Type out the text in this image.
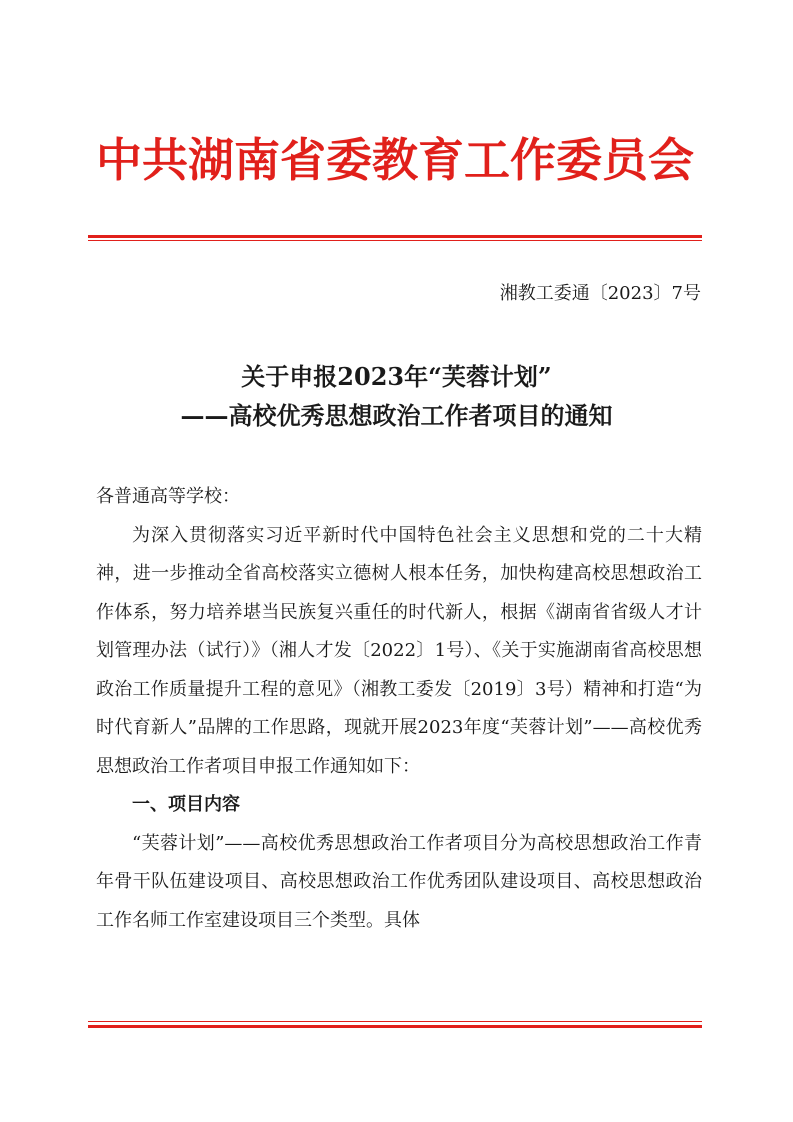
中共湖南省委教育工作委员会
湘教工委通〔2023〕7号
关于申报2023年“芙蓉计划”
——高校优秀思想政治工作者项目的通知

各普通高等学校：

为深入贯彻落实习近平新时代中国特色社会主义思想和党的二十大精神，进一步推动全省高校落实立德树人根本任务，加快构建高校思想政治工作体系，努力培养堪当民族复兴重任的时代新人，根据《湖南省省级人才计划管理办法（试行）》（湘人才发〔2022〕1号）、《关于实施湖南省高校思想政治工作质量提升工程的意见》（湘教工委发〔2019〕3号）精神和打造“为时代育新人”品牌的工作思路，现就开展2023年度“芙蓉计划”——高校优秀思想政治工作者项目申报工作通知如下：

一、项目内容

“芙蓉计划”——高校优秀思想政治工作者项目分为高校思想政治工作青年骨干队伍建设项目、高校思想政治工作优秀团队建设项目、高校思想政治工作名师工作室建设项目三个类型。具体
